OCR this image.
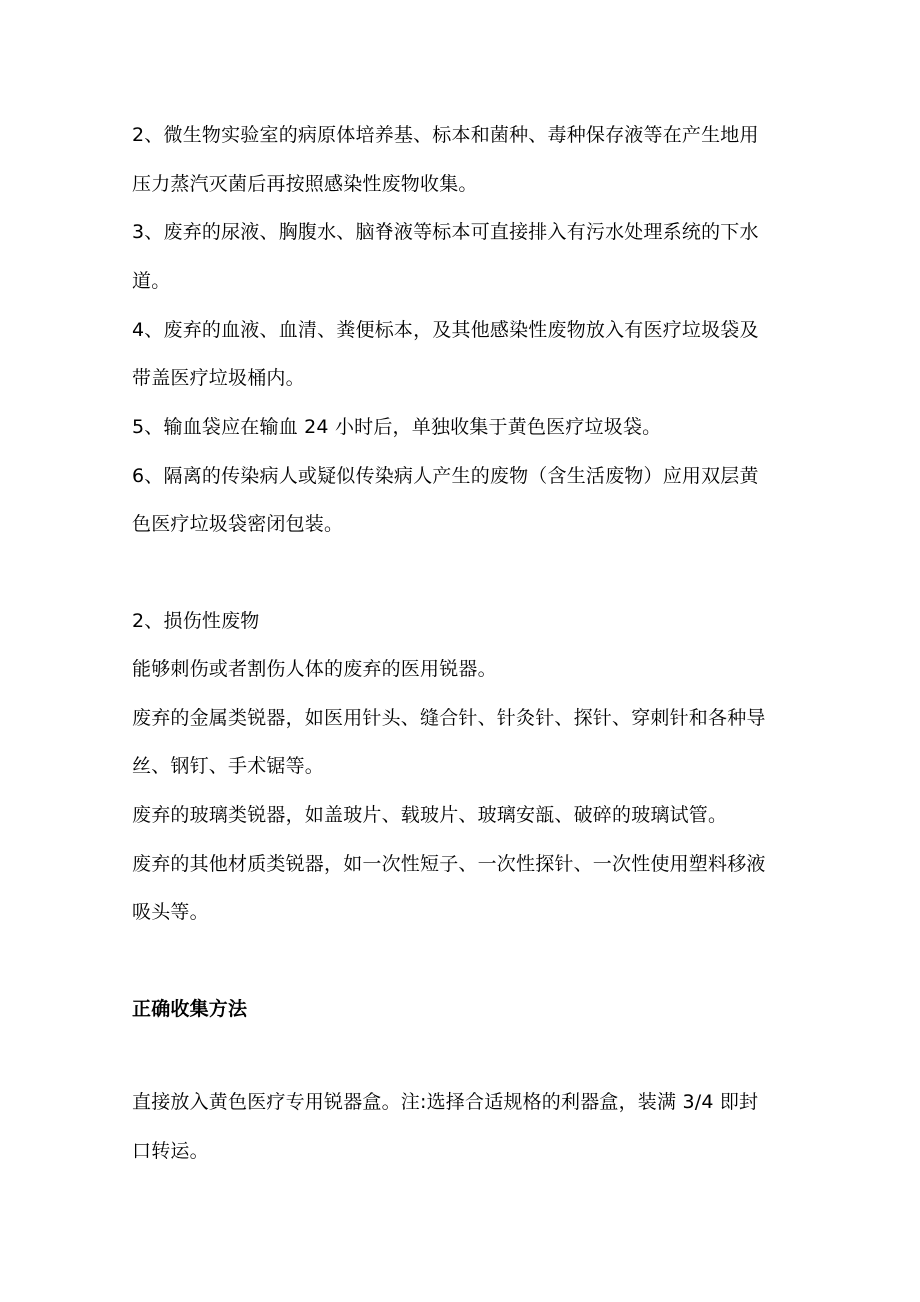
2、微生物实验室的病原体培养基、标本和菌种、毒种保存液等在产生地用
压力蒸汽灭菌后再按照感染性废物收集。
3、废弃的尿液、胸腹水、脑脊液等标本可直接排入有污水处理系统的下水
道。
4、废弃的血液、血清、粪便标本，及其他感染性废物放入有医疗垃圾袋及
带盖医疗垃圾桶内。
5、输血袋应在输血 24 小时后，单独收集于黄色医疗垃圾袋。
6、隔离的传染病人或疑似传染病人产生的废物（含生活废物）应用双层黄
色医疗垃圾袋密闭包装。
2、损伤性废物
能够刺伤或者割伤人体的废弃的医用锐器。
废弃的金属类锐器，如医用针头、缝合针、针灸针、探针、穿刺针和各种导
丝、钢钉、手术锯等。
废弃的玻璃类锐器，如盖玻片、载玻片、玻璃安瓿、破碎的玻璃试管。
废弃的其他材质类锐器，如一次性短子、一次性探针、一次性使用塑料移液
吸头等。
正确收集方法
直接放入黄色医疗专用锐器盒。注:选择合适规格的利器盒，装满 3/4 即封
口转运。
